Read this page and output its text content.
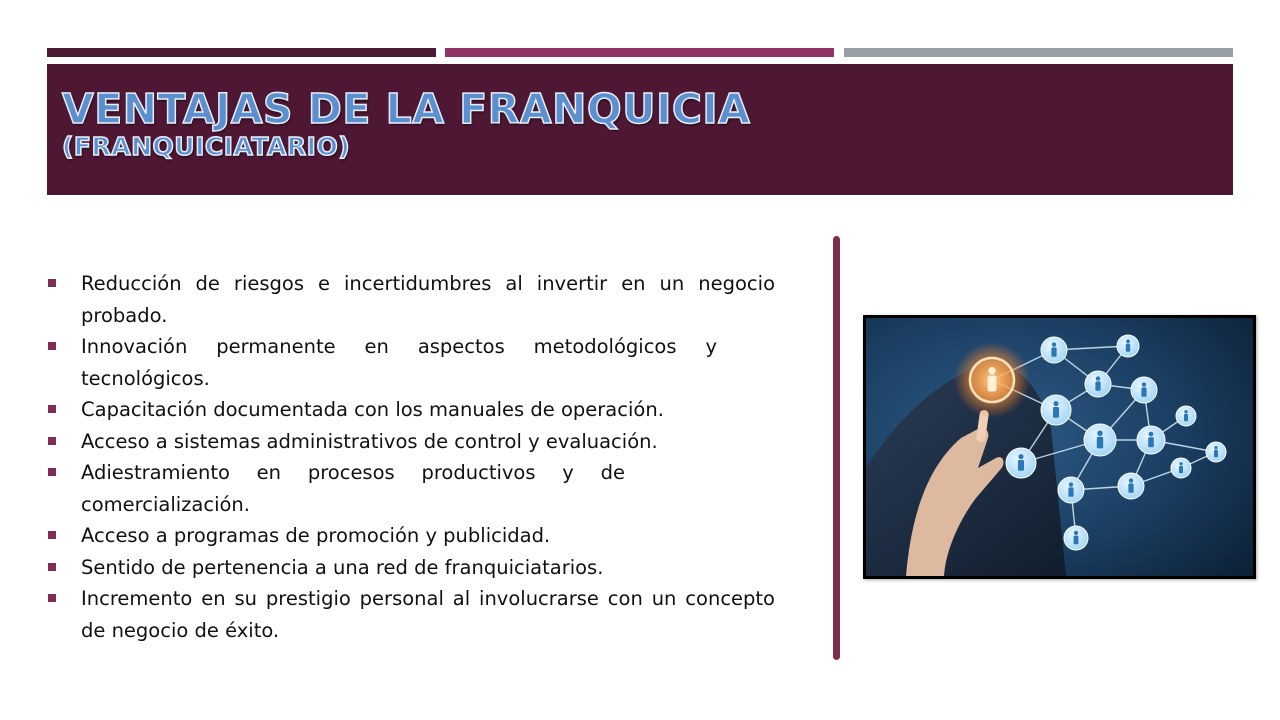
VENTAJAS DE LA FRANQUICIA
(FRANQUICIATARIO)
Reducción de riesgos e incertidumbres al invertir en un negocio probado.
Innovación permanente en aspectos metodológicos y tecnológicos.
Capacitación documentada con los manuales de operación.
Acceso a sistemas administrativos de control y evaluación.
Adiestramiento en procesos productivos y de comercialización.
Acceso a programas de promoción y publicidad.
Sentido de pertenencia a una red de franquiciatarios.
Incremento en su prestigio personal al involucrarse con un concepto de negocio de éxito.
